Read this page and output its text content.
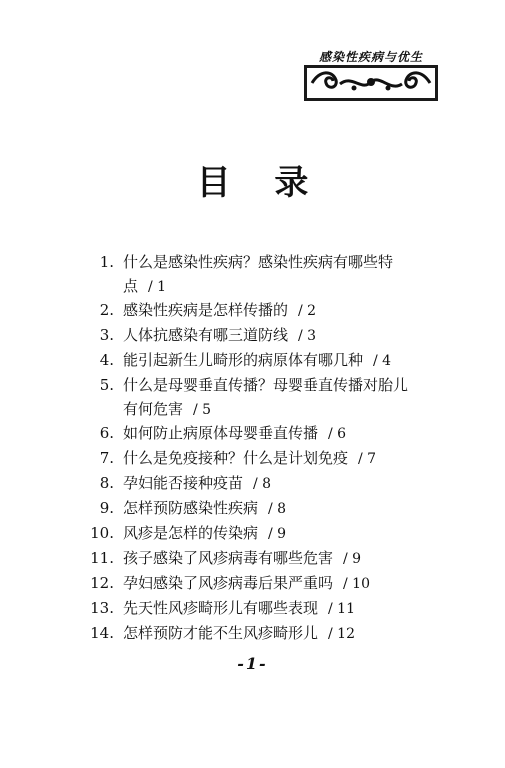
感染性疾病与优生
目 录
1. 什么是感染性疾病？感染性疾病有哪些特点 / 1
2. 感染性疾病是怎样传播的 / 2
3. 人体抗感染有哪三道防线 / 3
4. 能引起新生儿畸形的病原体有哪几种 / 4
5. 什么是母婴垂直传播？母婴垂直传播对胎儿有何危害 / 5
6. 如何防止病原体母婴垂直传播 / 6
7. 什么是免疫接种？什么是计划免疫 / 7
8. 孕妇能否接种疫苗 / 8
9. 怎样预防感染性疾病 / 8
10. 风疹是怎样的传染病 / 9
11. 孩子感染了风疹病毒有哪些危害 / 9
12. 孕妇感染了风疹病毒后果严重吗 / 10
13. 先天性风疹畸形儿有哪些表现 / 11
14. 怎样预防才能不生风疹畸形儿 / 12
-1-
